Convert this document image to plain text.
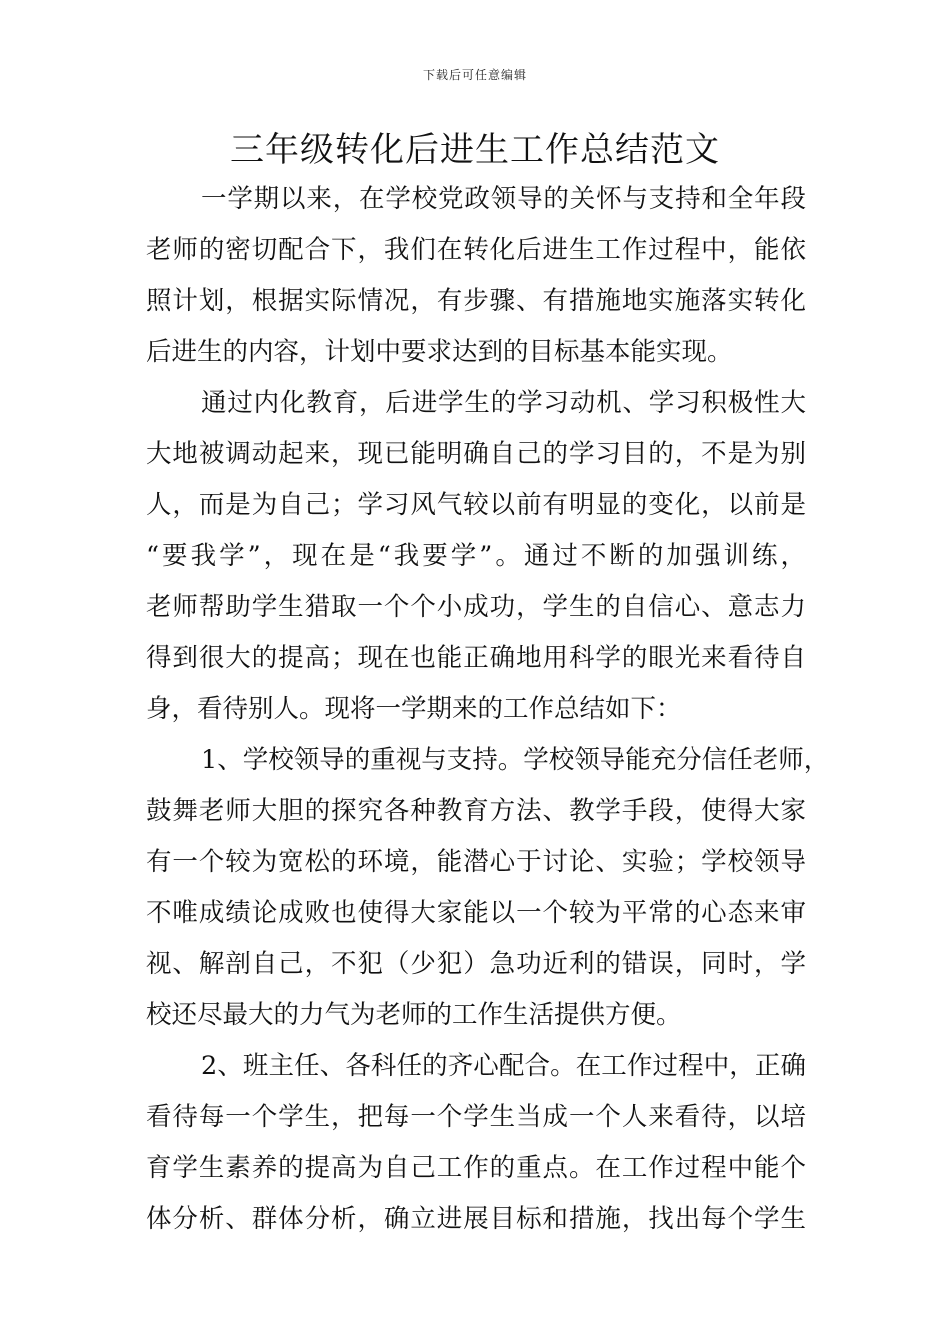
下载后可任意编辑
三年级转化后进生工作总结范文
一学期以来，在学校党政领导的关怀与支持和全年段
老师的密切配合下，我们在转化后进生工作过程中，能依
照计划，根据实际情况，有步骤、有措施地实施落实转化
后进生的内容，计划中要求达到的目标基本能实现。
通过内化教育，后进学生的学习动机、学习积极性大
大地被调动起来，现已能明确自己的学习目的，不是为别
人，而是为自己；学习风气较以前有明显的变化，以前是
“要我学”，现在是“我要学”。通过不断的加强训练，
老师帮助学生猎取一个个小成功，学生的自信心、意志力
得到很大的提高；现在也能正确地用科学的眼光来看待自
身，看待别人。现将一学期来的工作总结如下：
1、学校领导的重视与支持。学校领导能充分信任老师，
鼓舞老师大胆的探究各种教育方法、教学手段，使得大家
有一个较为宽松的环境，能潜心于讨论、实验；学校领导
不唯成绩论成败也使得大家能以一个较为平常的心态来审
视、解剖自己，不犯（少犯）急功近利的错误，同时，学
校还尽最大的力气为老师的工作生活提供方便。
2、班主任、各科任的齐心配合。在工作过程中，正确
看待每一个学生，把每一个学生当成一个人来看待，以培
育学生素养的提高为自己工作的重点。在工作过程中能个
体分析、群体分析，确立进展目标和措施，找出每个学生
